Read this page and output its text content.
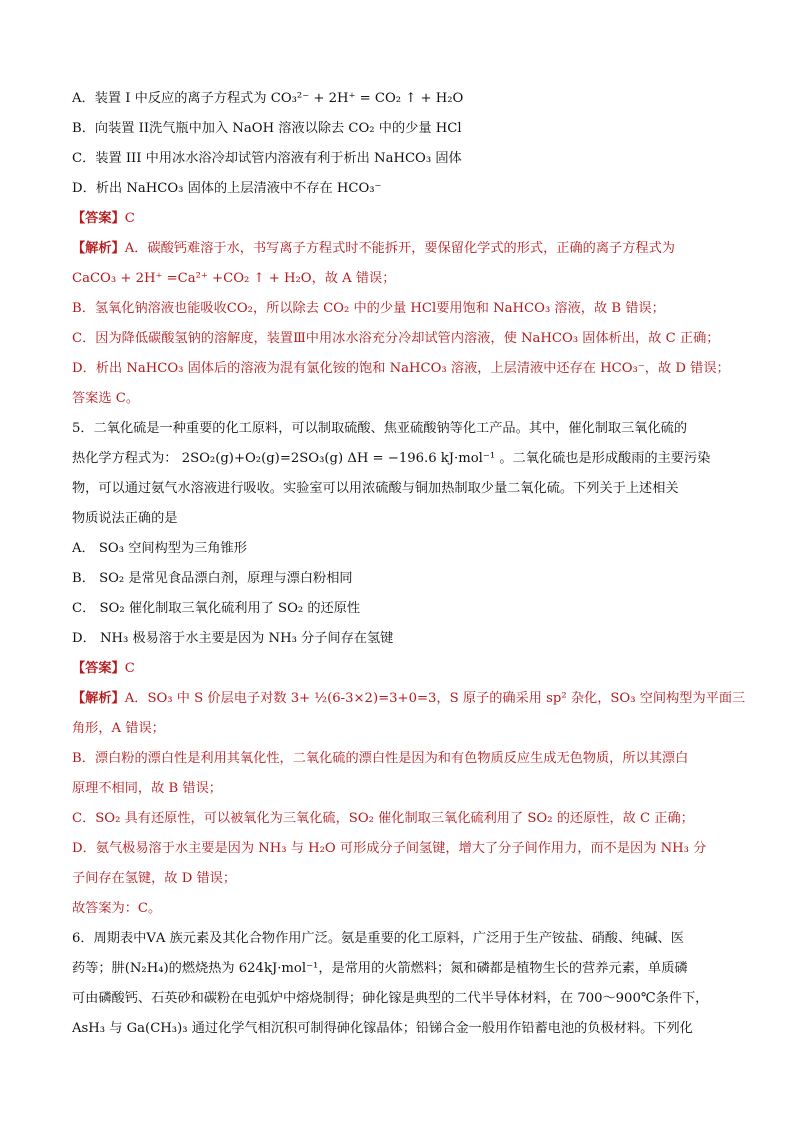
A．装置 I 中反应的离子方程式为 CO₃²⁻ + 2H⁺ = CO₂ ↑ + H₂O

B．向装置 II洗气瓶中加入 NaOH 溶液以除去 CO₂ 中的少量 HCl

C．装置 III 中用冰水浴冷却试管内溶液有利于析出 NaHCO₃ 固体

D．析出 NaHCO₃ 固体的上层清液中不存在 HCO₃⁻

【答案】C

【解析】A．碳酸钙难溶于水，书写离子方程式时不能拆开，要保留化学式的形式，正确的离子方程式为

CaCO₃ + 2H⁺ =Ca²⁺ +CO₂ ↑ + H₂O，故 A 错误；

B．氢氧化钠溶液也能吸收CO₂，所以除去 CO₂ 中的少量 HCl要用饱和 NaHCO₃ 溶液，故 B 错误；

C．因为降低碳酸氢钠的溶解度，装置Ⅲ中用冰水浴充分冷却试管内溶液，使 NaHCO₃ 固体析出，故 C 正确；

D．析出 NaHCO₃ 固体后的溶液为混有氯化铵的饱和 NaHCO₃ 溶液，上层清液中还存在 HCO₃⁻，故 D 错误；

答案选 C。

5．二氧化硫是一种重要的化工原料，可以制取硫酸、焦亚硫酸钠等化工产品。其中，催化制取三氧化硫的

热化学方程式为： 2SO₂(g)+O₂(g)=2SO₃(g) ΔH = −196.6 kJ·mol⁻¹ 。二氧化硫也是形成酸雨的主要污染

物，可以通过氨气水溶液进行吸收。实验室可以用浓硫酸与铜加热制取少量二氧化硫。下列关于上述相关

物质说法正确的是

A． SO₃ 空间构型为三角锥形

B． SO₂ 是常见食品漂白剂，原理与漂白粉相同

C． SO₂ 催化制取三氧化硫利用了 SO₂ 的还原性

D． NH₃ 极易溶于水主要是因为 NH₃ 分子间存在氢键

【答案】C

【解析】A．SO₃ 中 S 价层电子对数 3+ ½(6-3×2)=3+0=3，S 原子的确采用 sp² 杂化，SO₃ 空间构型为平面三

角形，A 错误；

B．漂白粉的漂白性是利用其氧化性，二氧化硫的漂白性是因为和有色物质反应生成无色物质，所以其漂白

原理不相同，故 B 错误；

C．SO₂ 具有还原性，可以被氧化为三氧化硫，SO₂ 催化制取三氧化硫利用了 SO₂ 的还原性，故 C 正确；

D．氨气极易溶于水主要是因为 NH₃ 与 H₂O 可形成分子间氢键，增大了分子间作用力，而不是因为 NH₃ 分

子间存在氢键，故 D 错误；

故答案为：C。

6．周期表中ⅤA 族元素及其化合物作用广泛。氨是重要的化工原料，广泛用于生产铵盐、硝酸、纯碱、医

药等；肼(N₂H₄)的燃烧热为 624kJ·mol⁻¹，是常用的火箭燃料；氮和磷都是植物生长的营养元素，单质磷

可由磷酸钙、石英砂和碳粉在电弧炉中熔烧制得；砷化镓是典型的二代半导体材料，在 700～900℃条件下，

AsH₃ 与 Ga(CH₃)₃ 通过化学气相沉积可制得砷化镓晶体；铅锑合金一般用作铅蓄电池的负极材料。下列化
